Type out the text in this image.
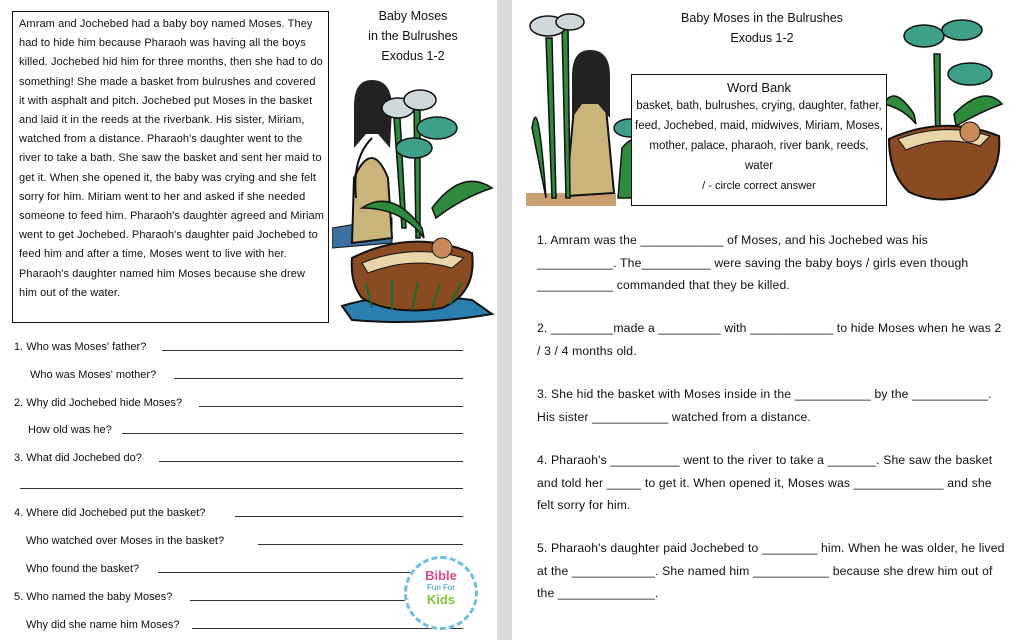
Amram and Jochebed had a baby boy named Moses. They had to hide him because Pharaoh was having all the boys killed. Jochebed hid him for three months, then she had to do something! She made a basket from bulrushes and covered it with asphalt and pitch. Jochebed put Moses in the basket and laid it in the reeds at the riverbank. His sister, Miriam, watched from a distance. Pharaoh's daughter went to the river to take a bath. She saw the basket and sent her maid to get it. When she opened it, the baby was crying and she felt sorry for him. Miriam went to her and asked if she needed someone to feed him. Pharaoh's daughter agreed and Miriam went to get Jochebed. Pharaoh's daughter paid Jochebed to feed him and after a time, Moses went to live with her. Pharaoh's daughter named him Moses because she drew him out of the water.

Baby Moses
in the Bulrushes
Exodus 1-2
1. Who was Moses' father?
Who was Moses' mother?
2. Why did Jochebed hide Moses?
How old was he?
3. What did Jochebed do?
4. Where did Jochebed put the basket?
Who watched over Moses in the basket?
Who found the basket?
5. Who named the baby Moses?
Why did she name him Moses?
Bible
Fun For
Kids
Baby Moses in the Bulrushes
Exodus 1-2
Word Bank
basket, bath, bulrushes, crying, daughter, father, feed, Jochebed, maid, midwives, Miriam, Moses, mother, palace, pharaoh, river bank, reeds, water
/ - circle correct answer

1. Amram was the ____________ of Moses, and his Jochebed was his ___________. The__________ were saving the baby boys / girls even though ___________ commanded that they be killed.

2. _________made a _________ with ____________ to hide Moses when he was 2 / 3 / 4 months old.

3. She hid the basket with Moses inside in the ___________ by the ___________. His sister ___________ watched from a distance.

4. Pharaoh's __________ went to the river to take a _______. She saw the basket and told her _____ to get it. When opened it, Moses was _____________ and she felt sorry for him.

5. Pharaoh's daughter paid Jochebed to ________ him. When he was older, he lived at the ____________. She named him ___________ because she drew him out of the ______________.
